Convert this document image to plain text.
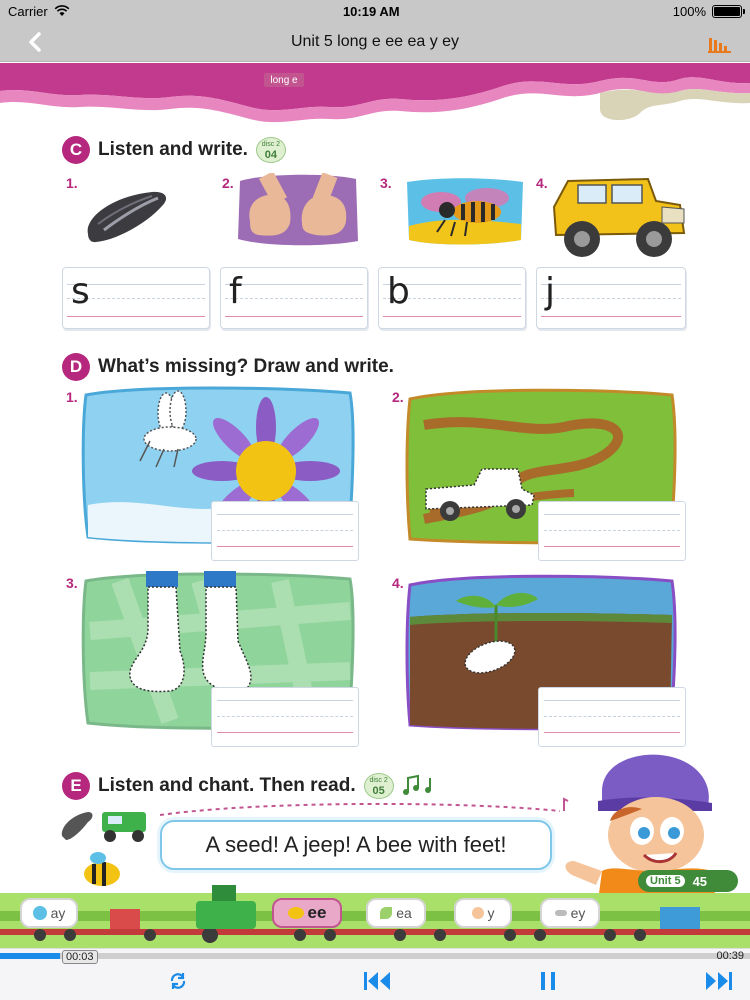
Carrier	10:19 AM	100%
Unit 5 long e ee ea y ey
C Listen and write. disc 2
04
1.	2.	3.	4.
s	f	b	j
D What’s missing? Draw and write.
1.	2.
3.	4.
E Listen and chant. Then read. disc 2
05
A seed! A jeep! A bee with feet!
long e
ay	ee	ea	y	ey
Unit 5 45
00:03	00:39
